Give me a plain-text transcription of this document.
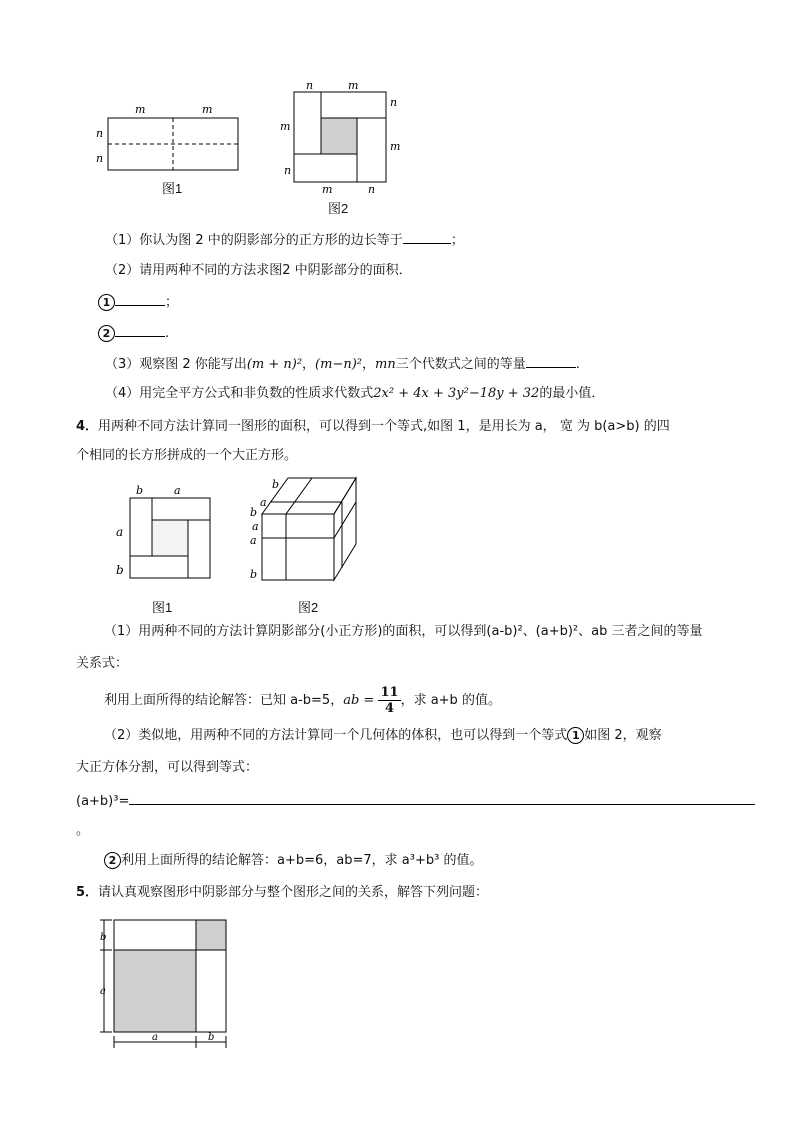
m	m
n
n
图1
n	m
n
m
m
n
m	n
图2
（1）你认为图 2 中的阴影部分的正方形的边长等于	；
（2）请用两种不同的方法求图2 中阴影部分的面积．
1	；
2	.
（3）观察图 2 你能写出(m + n)²，(m−n)²，mn三个代数式之间的等量	.
（4）用完全平方公式和非负数的性质求代数式2x² + 4x + 3y²−18y + 32的最小值．
4．用两种不同方法计算同一图形的面积，可以得到一个等式,如图 1，是用长为 a， 宽 为 b(a>b) 的四
个相同的长方形拼成的一个大正方形。
b	a
a
b
图1
b
a
b
a
a
b
图2
（1）用两种不同的方法计算阴影部分(小正方形)的面积，可以得到(a-b)²、(a+b)²、ab 三者之间的等量
关系式：
利用上面所得的结论解答：已知 a-b=5，ab = $\frac{11}{4}$ ，求 a+b 的值。
（2）类似地，用两种不同的方法计算同一个几何体的体积，也可以得到一个等式 1 如图 2，观察
大正方体分割，可以得到等式：
(a+b)³=
。
2 利用上面所得的结论解答：a+b=6，ab=7，求 a³+b³ 的值。
5．请认真观察图形中阴影部分与整个图形之间的关系，解答下列问题：
b
a
a	b
